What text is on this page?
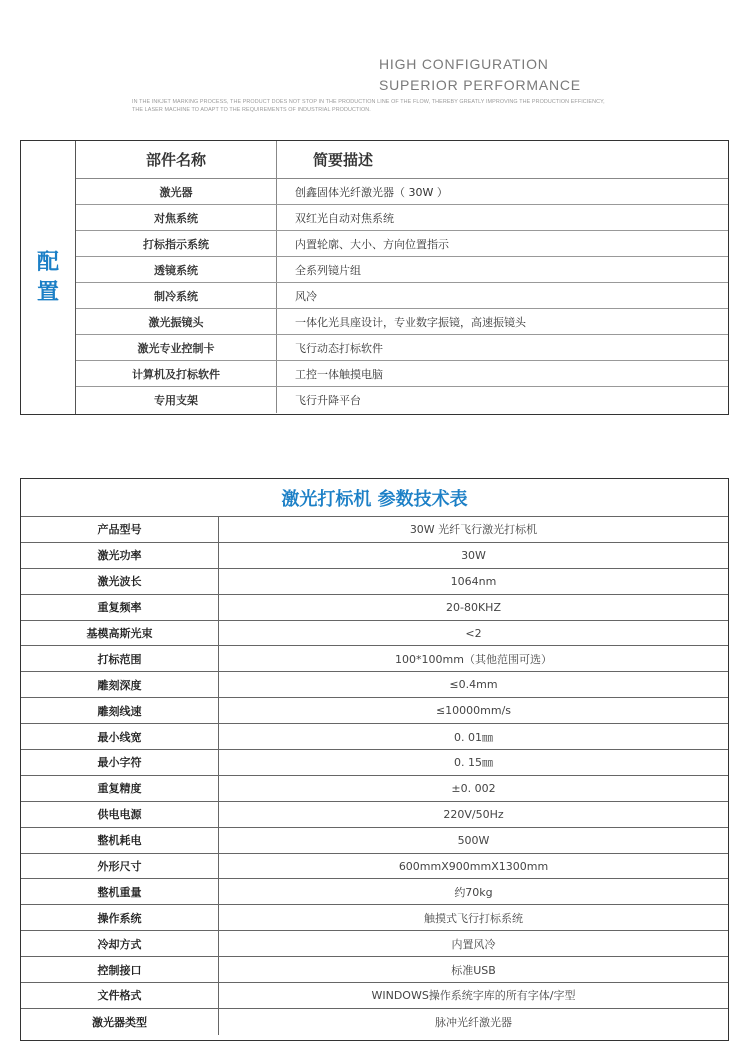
HIGH CONFIGURATION
SUPERIOR PERFORMANCE
IN THE INKJET MARKING PROCESS, THE PRODUCT DOES NOT STOP IN THE PRODUCTION LINE OF THE FLOW, THEREBY GREATLY IMPROVING THE PRODUCTION EFFICIENCY,
THE LASER MACHINE TO ADAPT TO THE REQUIREMENTS OF INDUSTRIAL PRODUCTION.
配
置
部件名称	简要描述
激光器	创鑫固体光纤激光器（ 30W ）
对焦系统	双红光自动对焦系统
打标指示系统	内置轮廓、大小、方向位置指示
透镜系统	全系列镜片组
制冷系统	风冷
激光振镜头	一体化光具座设计，专业数字振镜，高速振镜头
激光专业控制卡	飞行动态打标软件
计算机及打标软件	工控一体触摸电脑
专用支架	飞行升降平台
激光打标机 参数技术表
产品型号	30W 光纤飞行激光打标机
激光功率	30W
激光波长	1064nm
重复频率	20-80KHZ
基模高斯光束	<2
打标范围	100*100mm（其他范围可选）
雕刻深度	≤0.4mm
雕刻线速	≤10000mm/s
最小线宽	0. 01㎜
最小字符	0. 15㎜
重复精度	±0. 002
供电电源	220V/50Hz
整机耗电	500W
外形尺寸	600mmX900mmX1300mm
整机重量	约70kg
操作系统	触摸式飞行打标系统
冷却方式	内置风冷
控制接口	标准USB
文件格式	WINDOWS操作系统字库的所有字体/字型
激光器类型	脉冲光纤激光器
